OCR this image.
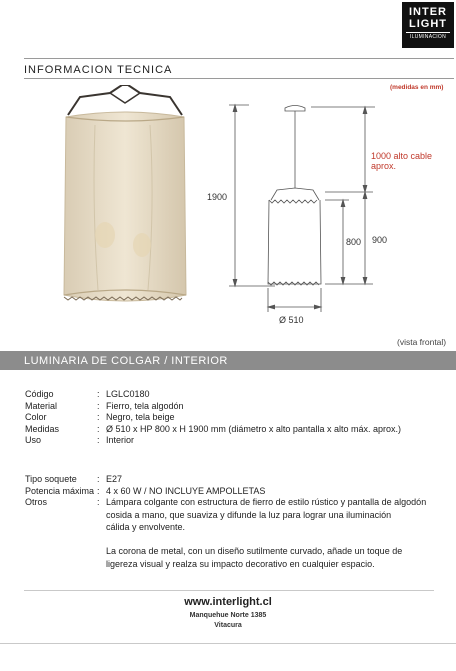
INTER
LIGHT
ILUMINACION
INFORMACION TECNICA
(medidas en mm)
1900
1000 alto cable aprox.
800 900
Ø 510
(vista frontal)
LUMINARIA DE COLGAR / INTERIOR
Código	: LGLC0180
Material	: Fierro, tela algodón
Color	: Negro, tela beige
Medidas	: Ø 510 x HP 800 x H 1900 mm (diámetro x alto pantalla x alto máx. aprox.)
Uso	: Interior
Tipo soquete : E27
Potencia máxima : 4 x 60 W / NO INCLUYE AMPOLLETAS
Otros	: Lámpara colgante con estructura de fierro de estilo rústico y pantalla de algodón
cosida a mano, que suaviza y difunde la luz para lograr una iluminación
cálida y envolvente.
La corona de metal, con un diseño sutilmente curvado, añade un toque de
ligereza visual y realza su impacto decorativo en cualquier espacio.
www.interlight.cl
Manquehue Norte 1385
Vitacura
